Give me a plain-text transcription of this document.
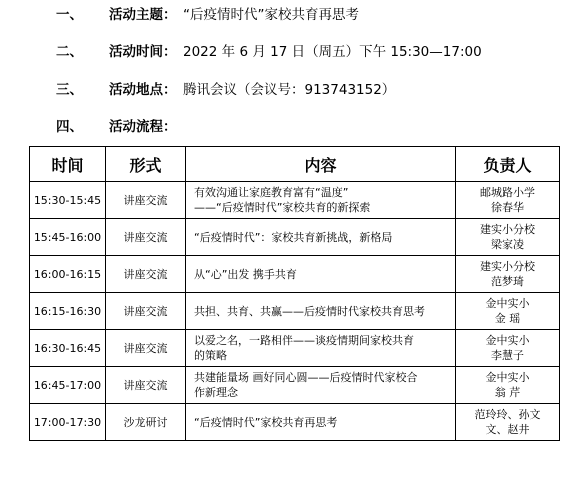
一、 活动主题： “后疫情时代”家校共育再思考
二、 活动时间： 2022 年 6 月 17 日（周五）下午 15:30—17:00
三、 活动地点： 腾讯会议（会议号：913743152）
四、 活动流程：
时间	形式	内容	负责人
15:30-15:45	讲座交流	有效沟通让家庭教育富有“温度”
——“后疫情时代”家校共育的新探索	邮城路小学
徐春华
15:45-16:00	讲座交流	“后疫情时代”：家校共育新挑战，新格局	建实小分校
梁家凌
16:00-16:15	讲座交流	从“心”出发 携手共育	建实小分校
范梦琦
16:15-16:30	讲座交流	共担、共育、共赢——后疫情时代家校共育思考	金中实小
金 瑶
16:30-16:45	讲座交流	以爱之名，一路相伴——谈疫情期间家校共育
的策略	金中实小
李慧子
16:45-17:00	讲座交流	共建能量场 画好同心圆——后疫情时代家校合
作新理念	金中实小
翁 芹
17:00-17:30	沙龙研讨	“后疫情时代”家校共育再思考	范玲玲、孙文
文、赵井
